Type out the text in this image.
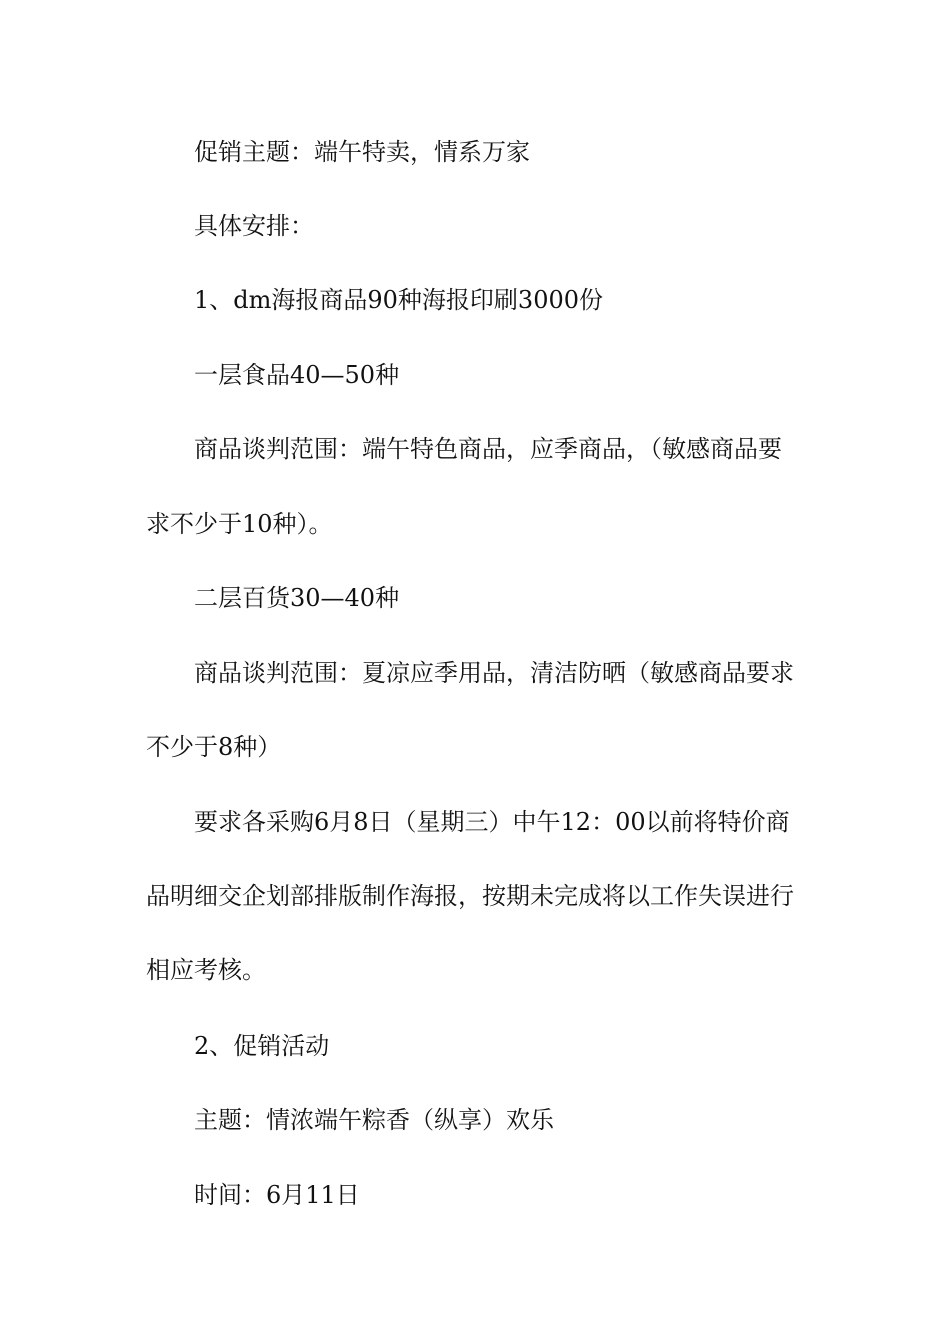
促销主题：端午特卖，情系万家
具体安排：
1、dm海报商品90种海报印刷3000份
一层食品40—50种
商品谈判范围：端午特色商品，应季商品，（敏感商品要
求不少于10种）。
二层百货30—40种
商品谈判范围：夏凉应季用品，清洁防晒（敏感商品要求
不少于8种）
要求各采购6月8日（星期三）中午12：00以前将特价商
品明细交企划部排版制作海报，按期未完成将以工作失误进行
相应考核。
2、促销活动
主题：情浓端午粽香（纵享）欢乐
时间：6月11日
